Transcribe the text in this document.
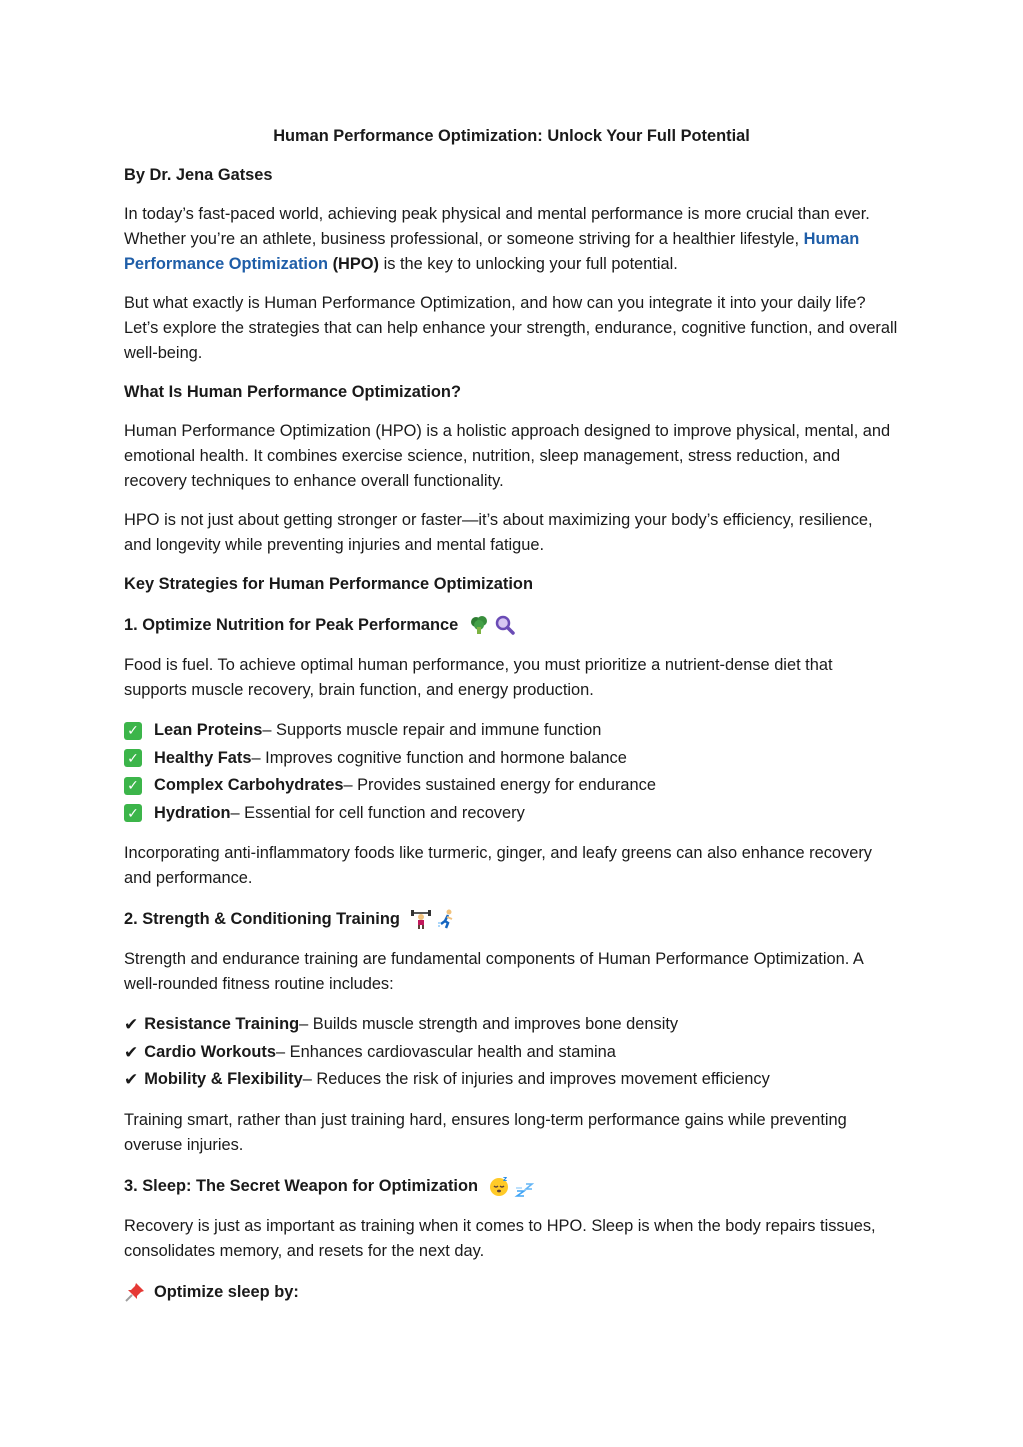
Human Performance Optimization: Unlock Your Full Potential
By Dr. Jena Gatses

In today’s fast-paced world, achieving peak physical and mental performance is more crucial than ever. Whether you’re an athlete, business professional, or someone striving for a healthier lifestyle, Human Performance Optimization (HPO) is the key to unlocking your full potential.

But what exactly is Human Performance Optimization, and how can you integrate it into your daily life? Let’s explore the strategies that can help enhance your strength, endurance, cognitive function, and overall well-being.

What Is Human Performance Optimization?

Human Performance Optimization (HPO) is a holistic approach designed to improve physical, mental, and emotional health. It combines exercise science, nutrition, sleep management, stress reduction, and recovery techniques to enhance overall functionality.

HPO is not just about getting stronger or faster—it’s about maximizing your body’s efficiency, resilience, and longevity while preventing injuries and mental fatigue.

Key Strategies for Human Performance Optimization
1. Optimize Nutrition for Peak Performance

Food is fuel. To achieve optimal human performance, you must prioritize a nutrient-dense diet that supports muscle recovery, brain function, and energy production.

✓ Lean Proteins – Supports muscle repair and immune function
✓ Healthy Fats – Improves cognitive function and hormone balance
✓ Complex Carbohydrates – Provides sustained energy for endurance
✓ Hydration – Essential for cell function and recovery

Incorporating anti-inflammatory foods like turmeric, ginger, and leafy greens can also enhance recovery and performance.

2. Strength & Conditioning Training

Strength and endurance training are fundamental components of Human Performance Optimization. A well-rounded fitness routine includes:

✔ Resistance Training – Builds muscle strength and improves bone density
✔ Cardio Workouts – Enhances cardiovascular health and stamina
✔ Mobility & Flexibility – Reduces the risk of injuries and improves movement efficiency

Training smart, rather than just training hard, ensures long-term performance gains while preventing overuse injuries.

3. Sleep: The Secret Weapon for Optimization	z

Recovery is just as important as training when it comes to HPO. Sleep is when the body repairs tissues, consolidates memory, and resets for the next day.

Optimize sleep by:
